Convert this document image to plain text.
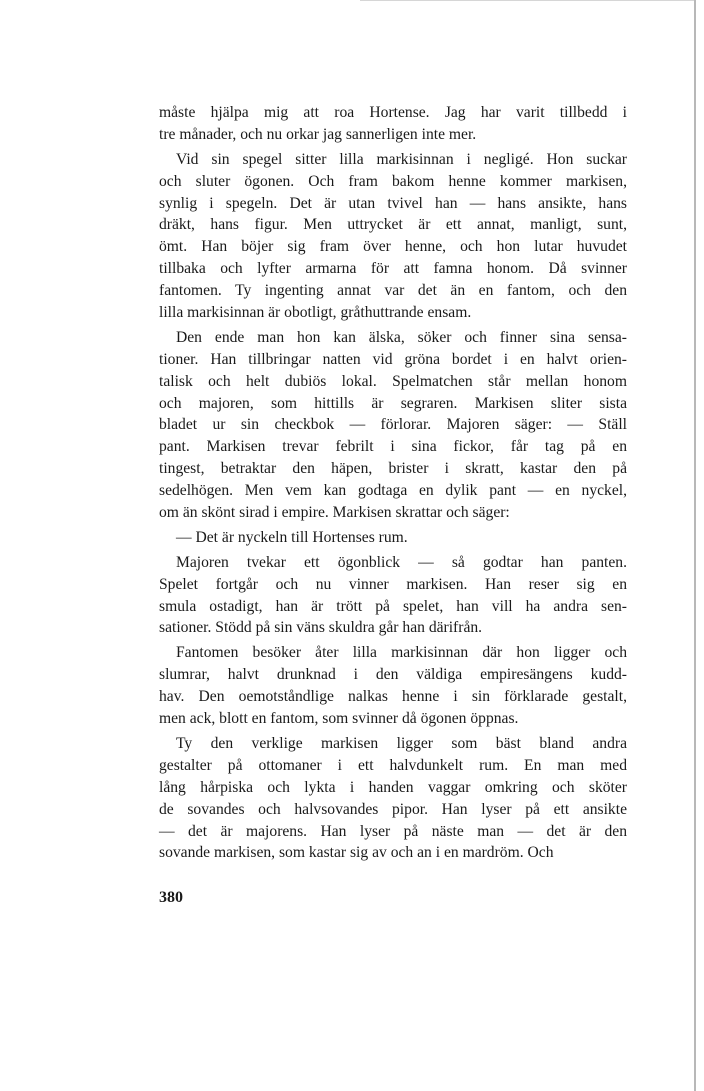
måste hjälpa mig att roa Hortense. Jag har varit tillbedd i
tre månader, och nu orkar jag sannerligen inte mer.
Vid sin spegel sitter lilla markisinnan i negligé. Hon suckar
och sluter ögonen. Och fram bakom henne kommer markisen,
synlig i spegeln. Det är utan tvivel han — hans ansikte, hans
dräkt, hans figur. Men uttrycket är ett annat, manligt, sunt,
ömt. Han böjer sig fram över henne, och hon lutar huvudet
tillbaka och lyfter armarna för att famna honom. Då svinner
fantomen. Ty ingenting annat var det än en fantom, och den
lilla markisinnan är obotligt, gråthuttrande ensam.
Den ende man hon kan älska, söker och finner sina sensa-
tioner. Han tillbringar natten vid gröna bordet i en halvt orien-
talisk och helt dubiös lokal. Spelmatchen står mellan honom
och majoren, som hittills är segraren. Markisen sliter sista
bladet ur sin checkbok — förlorar. Majoren säger: — Ställ
pant. Markisen trevar febrilt i sina fickor, får tag på en
tingest, betraktar den häpen, brister i skratt, kastar den på
sedelhögen. Men vem kan godtaga en dylik pant — en nyckel,
om än skönt sirad i empire. Markisen skrattar och säger:
— Det är nyckeln till Hortenses rum.
Majoren tvekar ett ögonblick — så godtar han panten.
Spelet fortgår och nu vinner markisen. Han reser sig en
smula ostadigt, han är trött på spelet, han vill ha andra sen-
sationer. Stödd på sin väns skuldra går han därifrån.
Fantomen besöker åter lilla markisinnan där hon ligger och
slumrar, halvt drunknad i den väldiga empiresängens kudd-
hav. Den oemotståndlige nalkas henne i sin förklarade gestalt,
men ack, blott en fantom, som svinner då ögonen öppnas.
Ty den verklige markisen ligger som bäst bland andra
gestalter på ottomaner i ett halvdunkelt rum. En man med
lång hårpiska och lykta i handen vaggar omkring och sköter
de sovandes och halvsovandes pipor. Han lyser på ett ansikte
— det är majorens. Han lyser på näste man — det är den
sovande markisen, som kastar sig av och an i en mardröm. Och
380
